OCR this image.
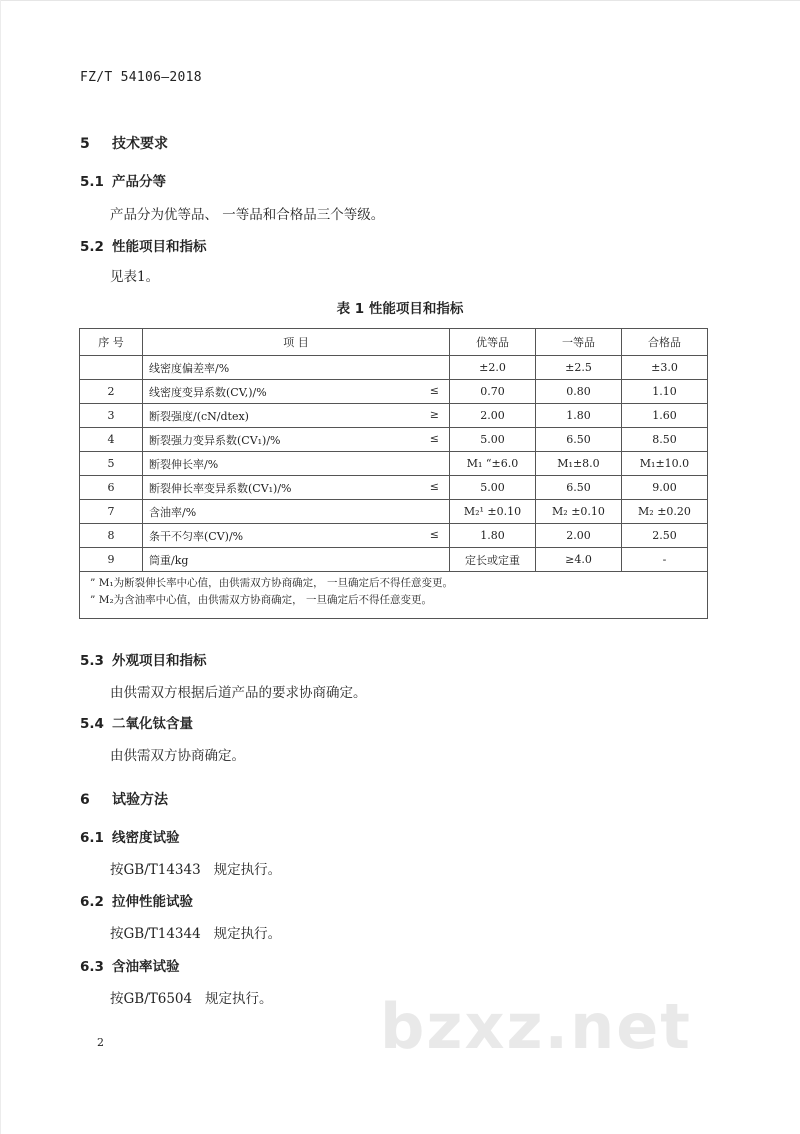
FZ/T 54106—2018
5 技术要求
5.1 产品分等
产品分为优等品、 一等品和合格品三个等级。
5.2 性能项目和指标
见表1。
表 1 性能项目和指标
序 号	项 目	优等品	一等品	合格品

	线密度偏差率/%	±2.0	±2.5	±3.0
2	线密度变异系数(CV,)/% ≤	0.70	0.80	1.10
3	断裂强度/(cN/dtex) ≥	2.00	1.80	1.60
4	断裂强力变异系数(CV₁)/% ≤	5.00	6.50	8.50
5	断裂伸长率/%	M₁ “±6.0	M₁±8.0	M₁±10.0
6	断裂伸长率变异系数(CV₁)/% ≤	5.00	6.50	9.00
7	含油率/%	M₂¹ ±0.10	M₂ ±0.10	M₂ ±0.20
8	条干不匀率(CV)/% ≤	1.80	2.00	2.50
9	筒重/kg	定长或定重	≥4.0	-

” M₁为断裂伸长率中心值，由供需双方协商确定， 一旦确定后不得任意变更。
” M₂为含油率中心值，由供需双方协商确定， 一旦确定后不得任意变更。				
5.3 外观项目和指标
由供需双方根据后道产品的要求协商确定。
5.4 二氧化钛含量
由供需双方协商确定。
6 试验方法
6.1 线密度试验
按GB/T14343   规定执行。
6.2 拉伸性能试验
按GB/T14344   规定执行。
6.3 含油率试验
按GB/T6504   规定执行。 bzxz.net
2
